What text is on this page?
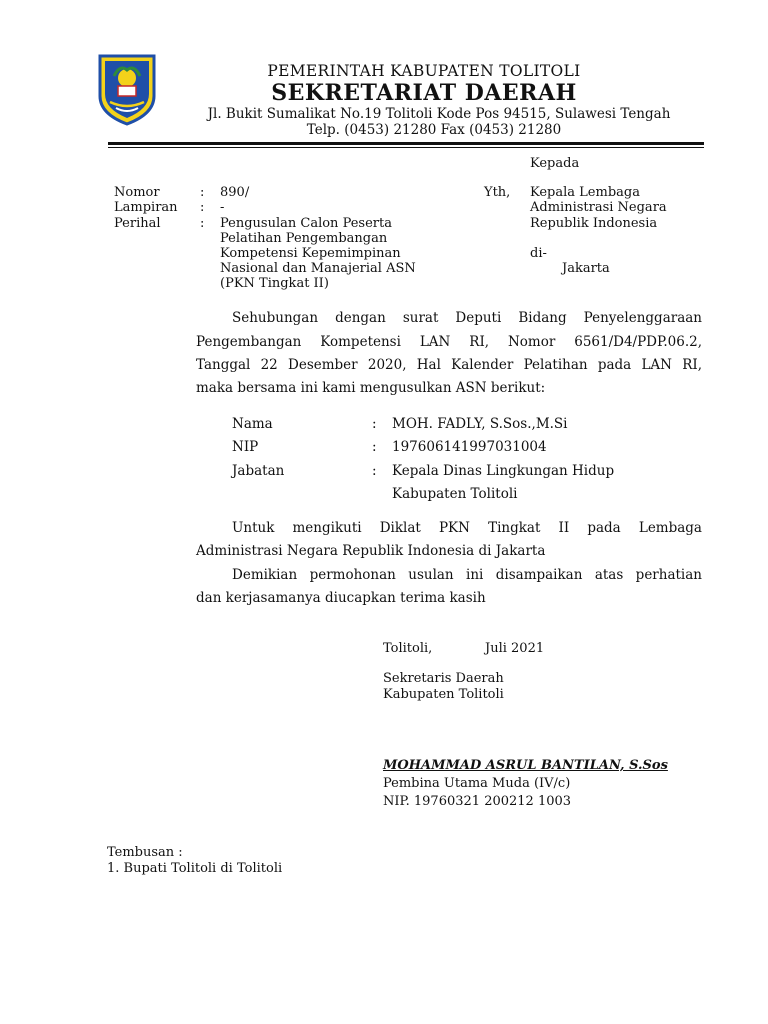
PEMERINTAH KABUPATEN TOLITOLI
SEKRETARIAT DAERAH
Jl. Bukit Sumalikat No.19 Tolitoli Kode Pos 94515, Sulawesi Tengah
Telp. (0453) 21280 Fax (0453) 21280
Kepada
Yth, Kepala Lembaga
Administrasi Negara
Republik Indonesia
di-
Jakarta
Nomor	: 890/
Lampiran : -
Perihal	: Pengusulan Calon Peserta
Pelatihan Pengembangan
Kompetensi Kepemimpinan
Nasional dan Manajerial ASN
(PKN Tingkat II)
Sehubungan dengan surat Deputi Bidang Penyelenggaraan
Pengembangan Kompetensi LAN RI, Nomor 6561/D4/PDP.06.2,
Tanggal 22 Desember 2020, Hal Kalender Pelatihan pada LAN RI,
maka bersama ini kami mengusulkan ASN berikut:
Nama	: MOH. FADLY, S.Sos.,M.Si
NIP	: 197606141997031004
Jabatan	: Kepala Dinas Lingkungan Hidup
Kabupaten Tolitoli
Untuk mengikuti Diklat PKN Tingkat II pada Lembaga
Administrasi Negara Republik Indonesia di Jakarta
Demikian permohonan usulan ini disampaikan atas perhatian
dan kerjasamanya diucapkan terima kasih
Tolitoli,	Juli 2021
Sekretaris Daerah
Kabupaten Tolitoli
MOHAMMAD ASRUL BANTILAN, S.Sos
Pembina Utama Muda (IV/c)
NIP. 19760321 200212 1003
Tembusan :
1. Bupati Tolitoli di Tolitoli
